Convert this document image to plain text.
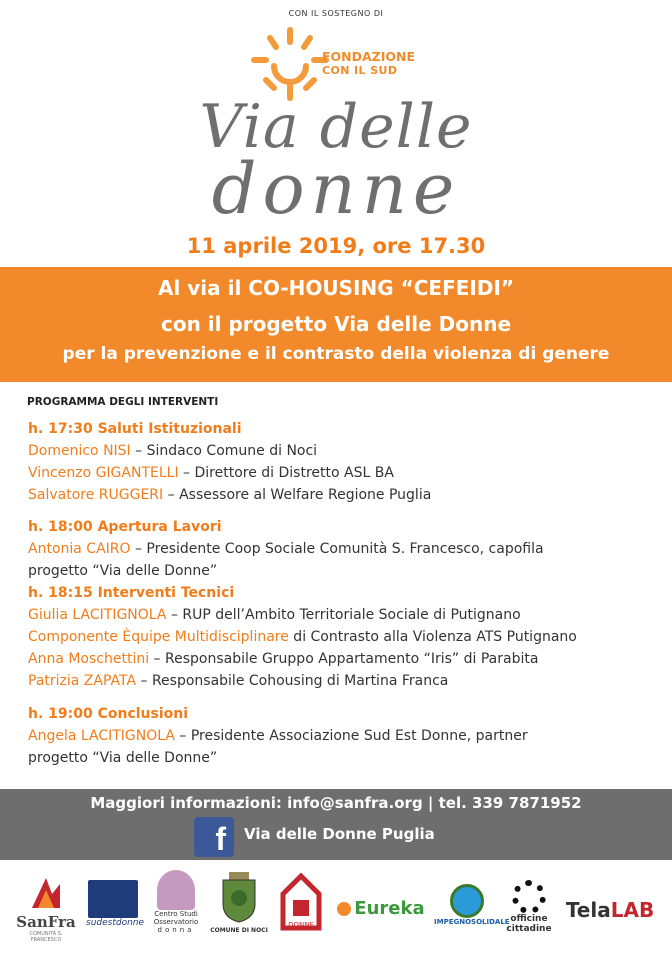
CON IL SOSTEGNO DI
FONDAZIONE
CON IL SUD
Via delle
donne
11 aprile 2019, ore 17.30
Al via il CO-HOUSING “CEFEIDI”
con il progetto Via delle Donne
per la prevenzione e il contrasto della violenza di genere
PROGRAMMA DEGLI INTERVENTI
h. 17:30 Saluti Istituzionali
Domenico NISI – Sindaco Comune di Noci
Vincenzo GIGANTELLI – Direttore di Distretto ASL BA
Salvatore RUGGERI – Assessore al Welfare Regione Puglia
h. 18:00 Apertura Lavori
Antonia CAIRO – Presidente Coop Sociale Comunità S. Francesco, capofila
progetto “Via delle Donne”
h. 18:15 Interventi Tecnici
Giulia LACITIGNOLA – RUP dell’Ambito Territoriale Sociale di Putignano
Componente Èquipe Multidisciplinare di Contrasto alla Violenza ATS Putignano
Anna Moschettini – Responsabile Gruppo Appartamento “Iris” di Parabita
Patrizia ZAPATA – Responsabile Cohousing di Martina Franca
h. 19:00 Conclusioni
Angela LACITIGNOLA – Presidente Associazione Sud Est Donne, partner
progetto “Via delle Donne”
Maggiori informazioni: info@sanfra.org | tel. 339 7871952
f	Via delle Donne Puglia
SanFra
COMUNITÀ S. FRANCESCO
sudestdonne
Centro Studi
Osservatorio
donna	COMUNE DI NOCI
DONNE
Eureka
IMPEGNOSOLIDALE officine
cittadine
TelaLAB
